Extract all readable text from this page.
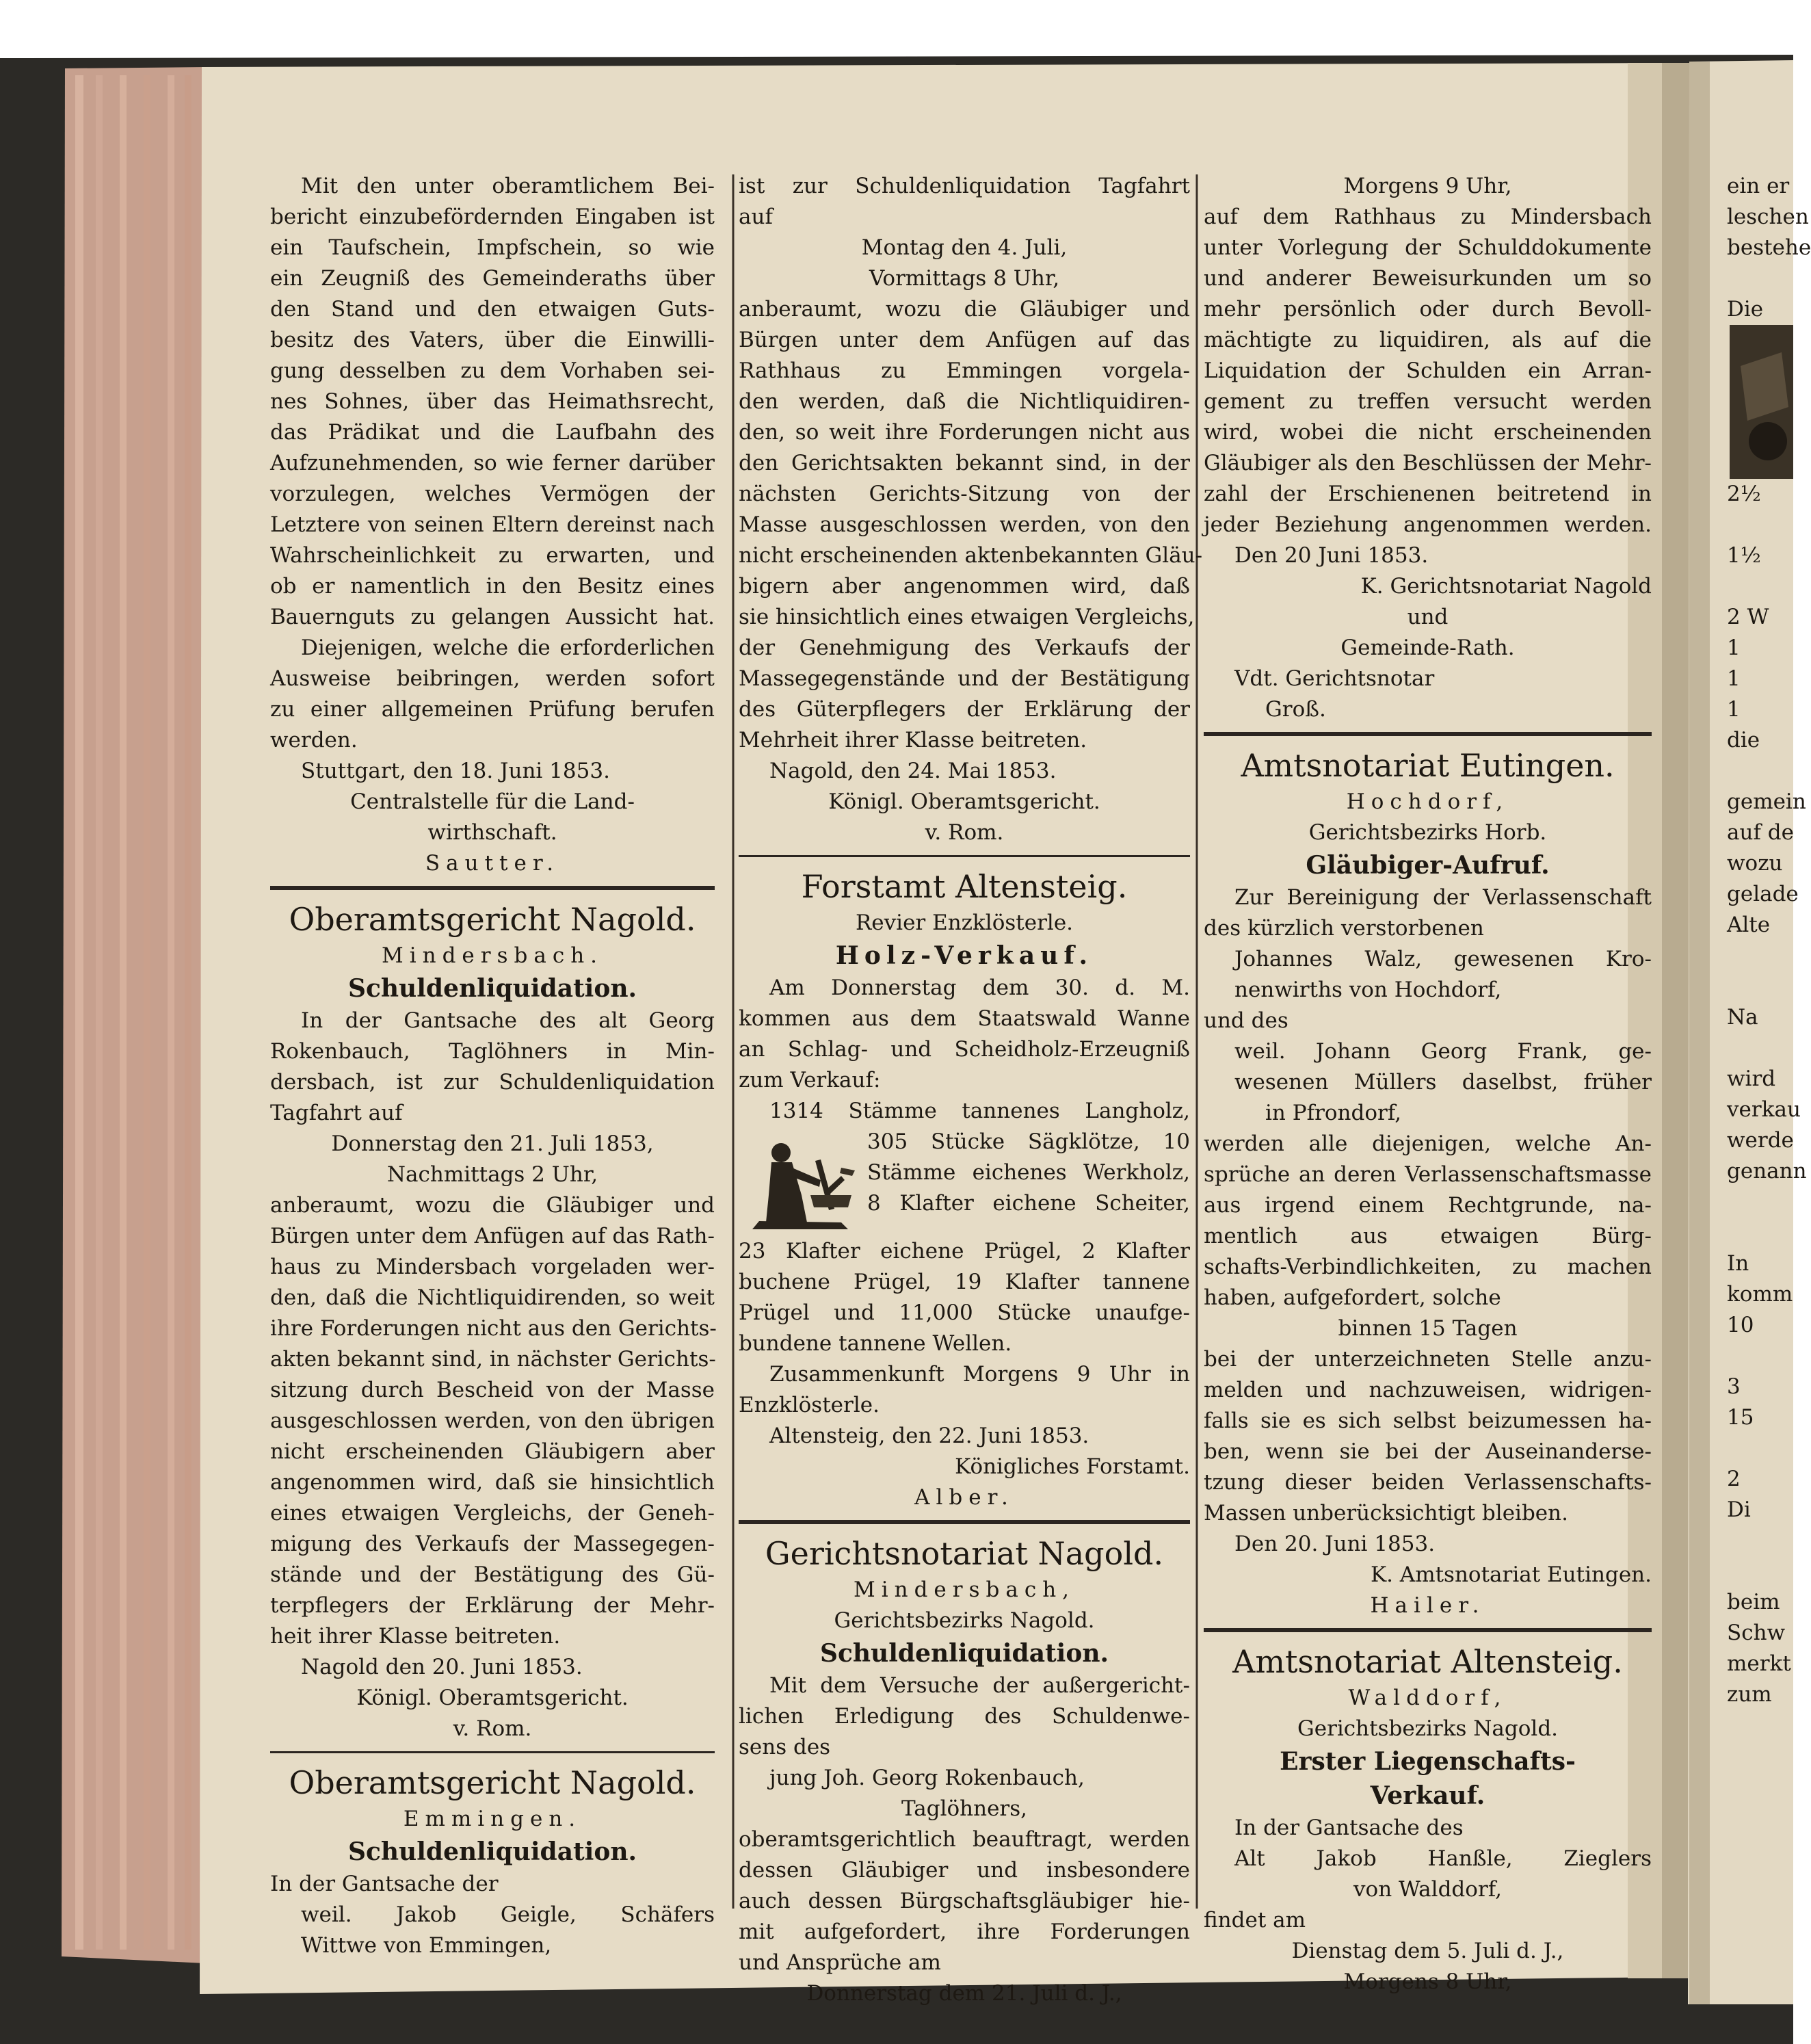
Mit den unter oberamtlichem Bei-
bericht einzubefördernden Eingaben ist
ein Taufschein, Impfschein, so wie
ein Zeugniß des Gemeinderaths über
den Stand und den etwaigen Guts-
besitz des Vaters, über die Einwilli-
gung desselben zu dem Vorhaben sei-
nes Sohnes, über das Heimathsrecht,
das Prädikat und die Laufbahn des
Aufzunehmenden, so wie ferner darüber
vorzulegen, welches Vermögen der
Letztere von seinen Eltern dereinst nach
Wahrscheinlichkeit zu erwarten, und
ob er namentlich in den Besitz eines
Bauernguts zu gelangen Aussicht hat.
Diejenigen, welche die erforderlichen
Ausweise beibringen, werden sofort
zu einer allgemeinen Prüfung berufen
werden.
Stuttgart, den 18. Juni 1853.
Centralstelle für die Land-
wirthschaft.
Sautter.
Oberamtsgericht Nagold.
Mindersbach.
Schuldenliquidation.
In der Gantsache des alt Georg
Rokenbauch, Taglöhners in Min-
dersbach, ist zur Schuldenliquidation
Tagfahrt auf
Donnerstag den 21. Juli 1853,
Nachmittags 2 Uhr,
anberaumt, wozu die Gläubiger und
Bürgen unter dem Anfügen auf das Rath-
haus zu Mindersbach vorgeladen wer-
den, daß die Nichtliquidirenden, so weit
ihre Forderungen nicht aus den Gerichts-
akten bekannt sind, in nächster Gerichts-
sitzung durch Bescheid von der Masse
ausgeschlossen werden, von den übrigen
nicht erscheinenden Gläubigern aber
angenommen wird, daß sie hinsichtlich
eines etwaigen Vergleichs, der Geneh-
migung des Verkaufs der Massegegen-
stände und der Bestätigung des Gü-
terpflegers der Erklärung der Mehr-
heit ihrer Klasse beitreten.
Nagold den 20. Juni 1853.
Königl. Oberamtsgericht.
v. Rom.
Oberamtsgericht Nagold.
Emmingen.
Schuldenliquidation.
In der Gantsache der
weil. Jakob Geigle, Schäfers
Wittwe von Emmingen,
ist zur Schuldenliquidation Tagfahrt
auf
Montag den 4. Juli,
Vormittags 8 Uhr,
anberaumt, wozu die Gläubiger und
Bürgen unter dem Anfügen auf das
Rathhaus zu Emmingen vorgela-
den werden, daß die Nichtliquidiren-
den, so weit ihre Forderungen nicht aus
den Gerichtsakten bekannt sind, in der
nächsten Gerichts-Sitzung von der
Masse ausgeschlossen werden, von den
nicht erscheinenden aktenbekannten Gläu-
bigern aber angenommen wird, daß
sie hinsichtlich eines etwaigen Vergleichs,
der Genehmigung des Verkaufs der
Massegegenstände und der Bestätigung
des Güterpflegers der Erklärung der
Mehrheit ihrer Klasse beitreten.
Nagold, den 24. Mai 1853.
Königl. Oberamtsgericht.
v. Rom.
Forstamt Altensteig.
Revier Enzklösterle.
Holz-Verkauf.
Am Donnerstag dem 30. d. M.
kommen aus dem Staatswald Wanne
an Schlag- und Scheidholz-Erzeugniß
zum Verkauf:
1314 Stämme tannenes Langholz,
305 Stücke Sägklötze, 10
Stämme eichenes Werkholz,
8 Klafter eichene Scheiter,
23 Klafter eichene Prügel, 2 Klafter
buchene Prügel, 19 Klafter tannene
Prügel und 11,000 Stücke unaufge-
bundene tannene Wellen.
Zusammenkunft Morgens 9 Uhr in
Enzklösterle.
Altensteig, den 22. Juni 1853.
Königliches Forstamt.
Alber.
Gerichtsnotariat Nagold.
Mindersbach,
Gerichtsbezirks Nagold.
Schuldenliquidation.
Mit dem Versuche der außergericht-
lichen Erledigung des Schuldenwe-
sens des
jung Joh. Georg Rokenbauch,
Taglöhners,
oberamtsgerichtlich beauftragt, werden
dessen Gläubiger und insbesondere
auch dessen Bürgschaftsgläubiger hie-
mit aufgefordert, ihre Forderungen
und Ansprüche am
Donnerstag dem 21. Juli d. J.,
Morgens 9 Uhr,
auf dem Rathhaus zu Mindersbach
unter Vorlegung der Schulddokumente
und anderer Beweisurkunden um so
mehr persönlich oder durch Bevoll-
mächtigte zu liquidiren, als auf die
Liquidation der Schulden ein Arran-
gement zu treffen versucht werden
wird, wobei die nicht erscheinenden
Gläubiger als den Beschlüssen der Mehr-
zahl der Erschienenen beitretend in
jeder Beziehung angenommen werden.
Den 20 Juni 1853.
K. Gerichtsnotariat Nagold
und
Gemeinde-Rath.
Vdt. Gerichtsnotar
Groß.
Amtsnotariat Eutingen.
Hochdorf,
Gerichtsbezirks Horb.
Gläubiger-Aufruf.
Zur Bereinigung der Verlassenschaft
des kürzlich verstorbenen
Johannes Walz, gewesenen Kro-
nenwirths von Hochdorf,
und des
weil. Johann Georg Frank, ge-
wesenen Müllers daselbst, früher
in Pfrondorf,
werden alle diejenigen, welche An-
sprüche an deren Verlassenschaftsmasse
aus irgend einem Rechtgrunde, na-
mentlich aus etwaigen Bürg-
schafts-Verbindlichkeiten, zu machen
haben, aufgefordert, solche
binnen 15 Tagen
bei der unterzeichneten Stelle anzu-
melden und nachzuweisen, widrigen-
falls sie es sich selbst beizumessen ha-
ben, wenn sie bei der Auseinanderse-
tzung dieser beiden Verlassenschafts-
Massen unberücksichtigt bleiben.
Den 20. Juni 1853.
K. Amtsnotariat Eutingen.
Hailer.
Amtsnotariat Altensteig.
Walddorf,
Gerichtsbezirks Nagold.
Erster Liegenschafts-
Verkauf.
In der Gantsache des
Alt Jakob Hanßle, Zieglers
von Walddorf,
findet am
Dienstag dem 5. Juli d. J.,
Morgens 8 Uhr,
ein er
leschen
bestehe
Die
2½
1½
2 W
1
1
1
die
gemein
auf de
wozu
gelade
Alte
Na
wird
verkau
werde
genann
In
komm
10
3
15
2
Di
beim
Schw
merkt
zum
